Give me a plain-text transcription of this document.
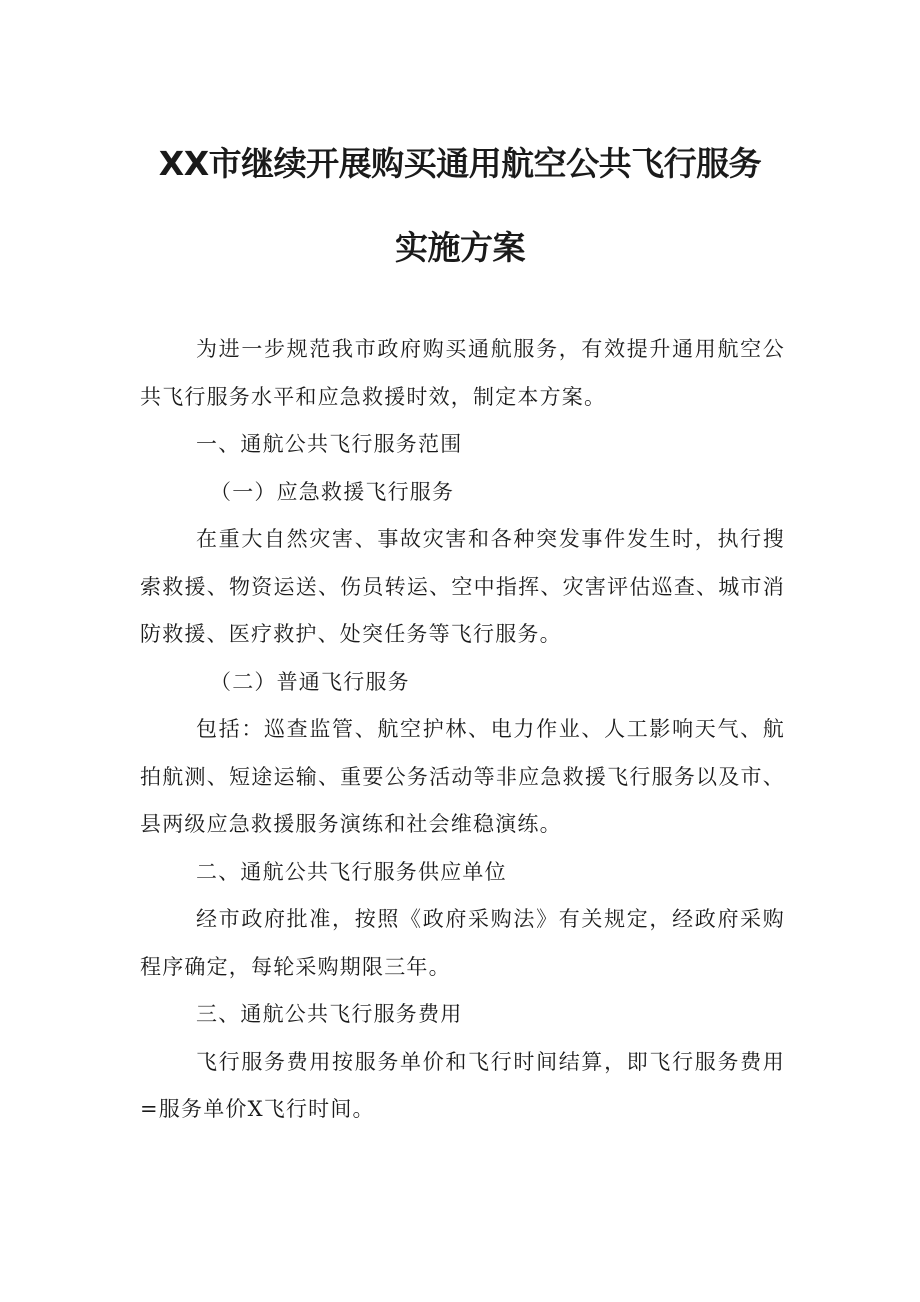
XX市继续开展购买通用航空公共飞行服务
实施方案

为进一步规范我市政府购买通航服务，有效提升通用航空公共飞行服务水平和应急救援时效，制定本方案。

一、通航公共飞行服务范围

（一）应急救援飞行服务

在重大自然灾害、事故灾害和各种突发事件发生时，执行搜索救援、物资运送、伤员转运、空中指挥、灾害评估巡查、城市消防救援、医疗救护、处突任务等飞行服务。

（二）普通飞行服务

包括：巡查监管、航空护林、电力作业、人工影响天气、航拍航测、短途运输、重要公务活动等非应急救援飞行服务以及市、县两级应急救援服务演练和社会维稳演练。

二、通航公共飞行服务供应单位

经市政府批准，按照《政府采购法》有关规定，经政府采购程序确定，每轮采购期限三年。

三、通航公共飞行服务费用

飞行服务费用按服务单价和飞行时间结算，即飞行服务费用=服务单价X飞行时间。
